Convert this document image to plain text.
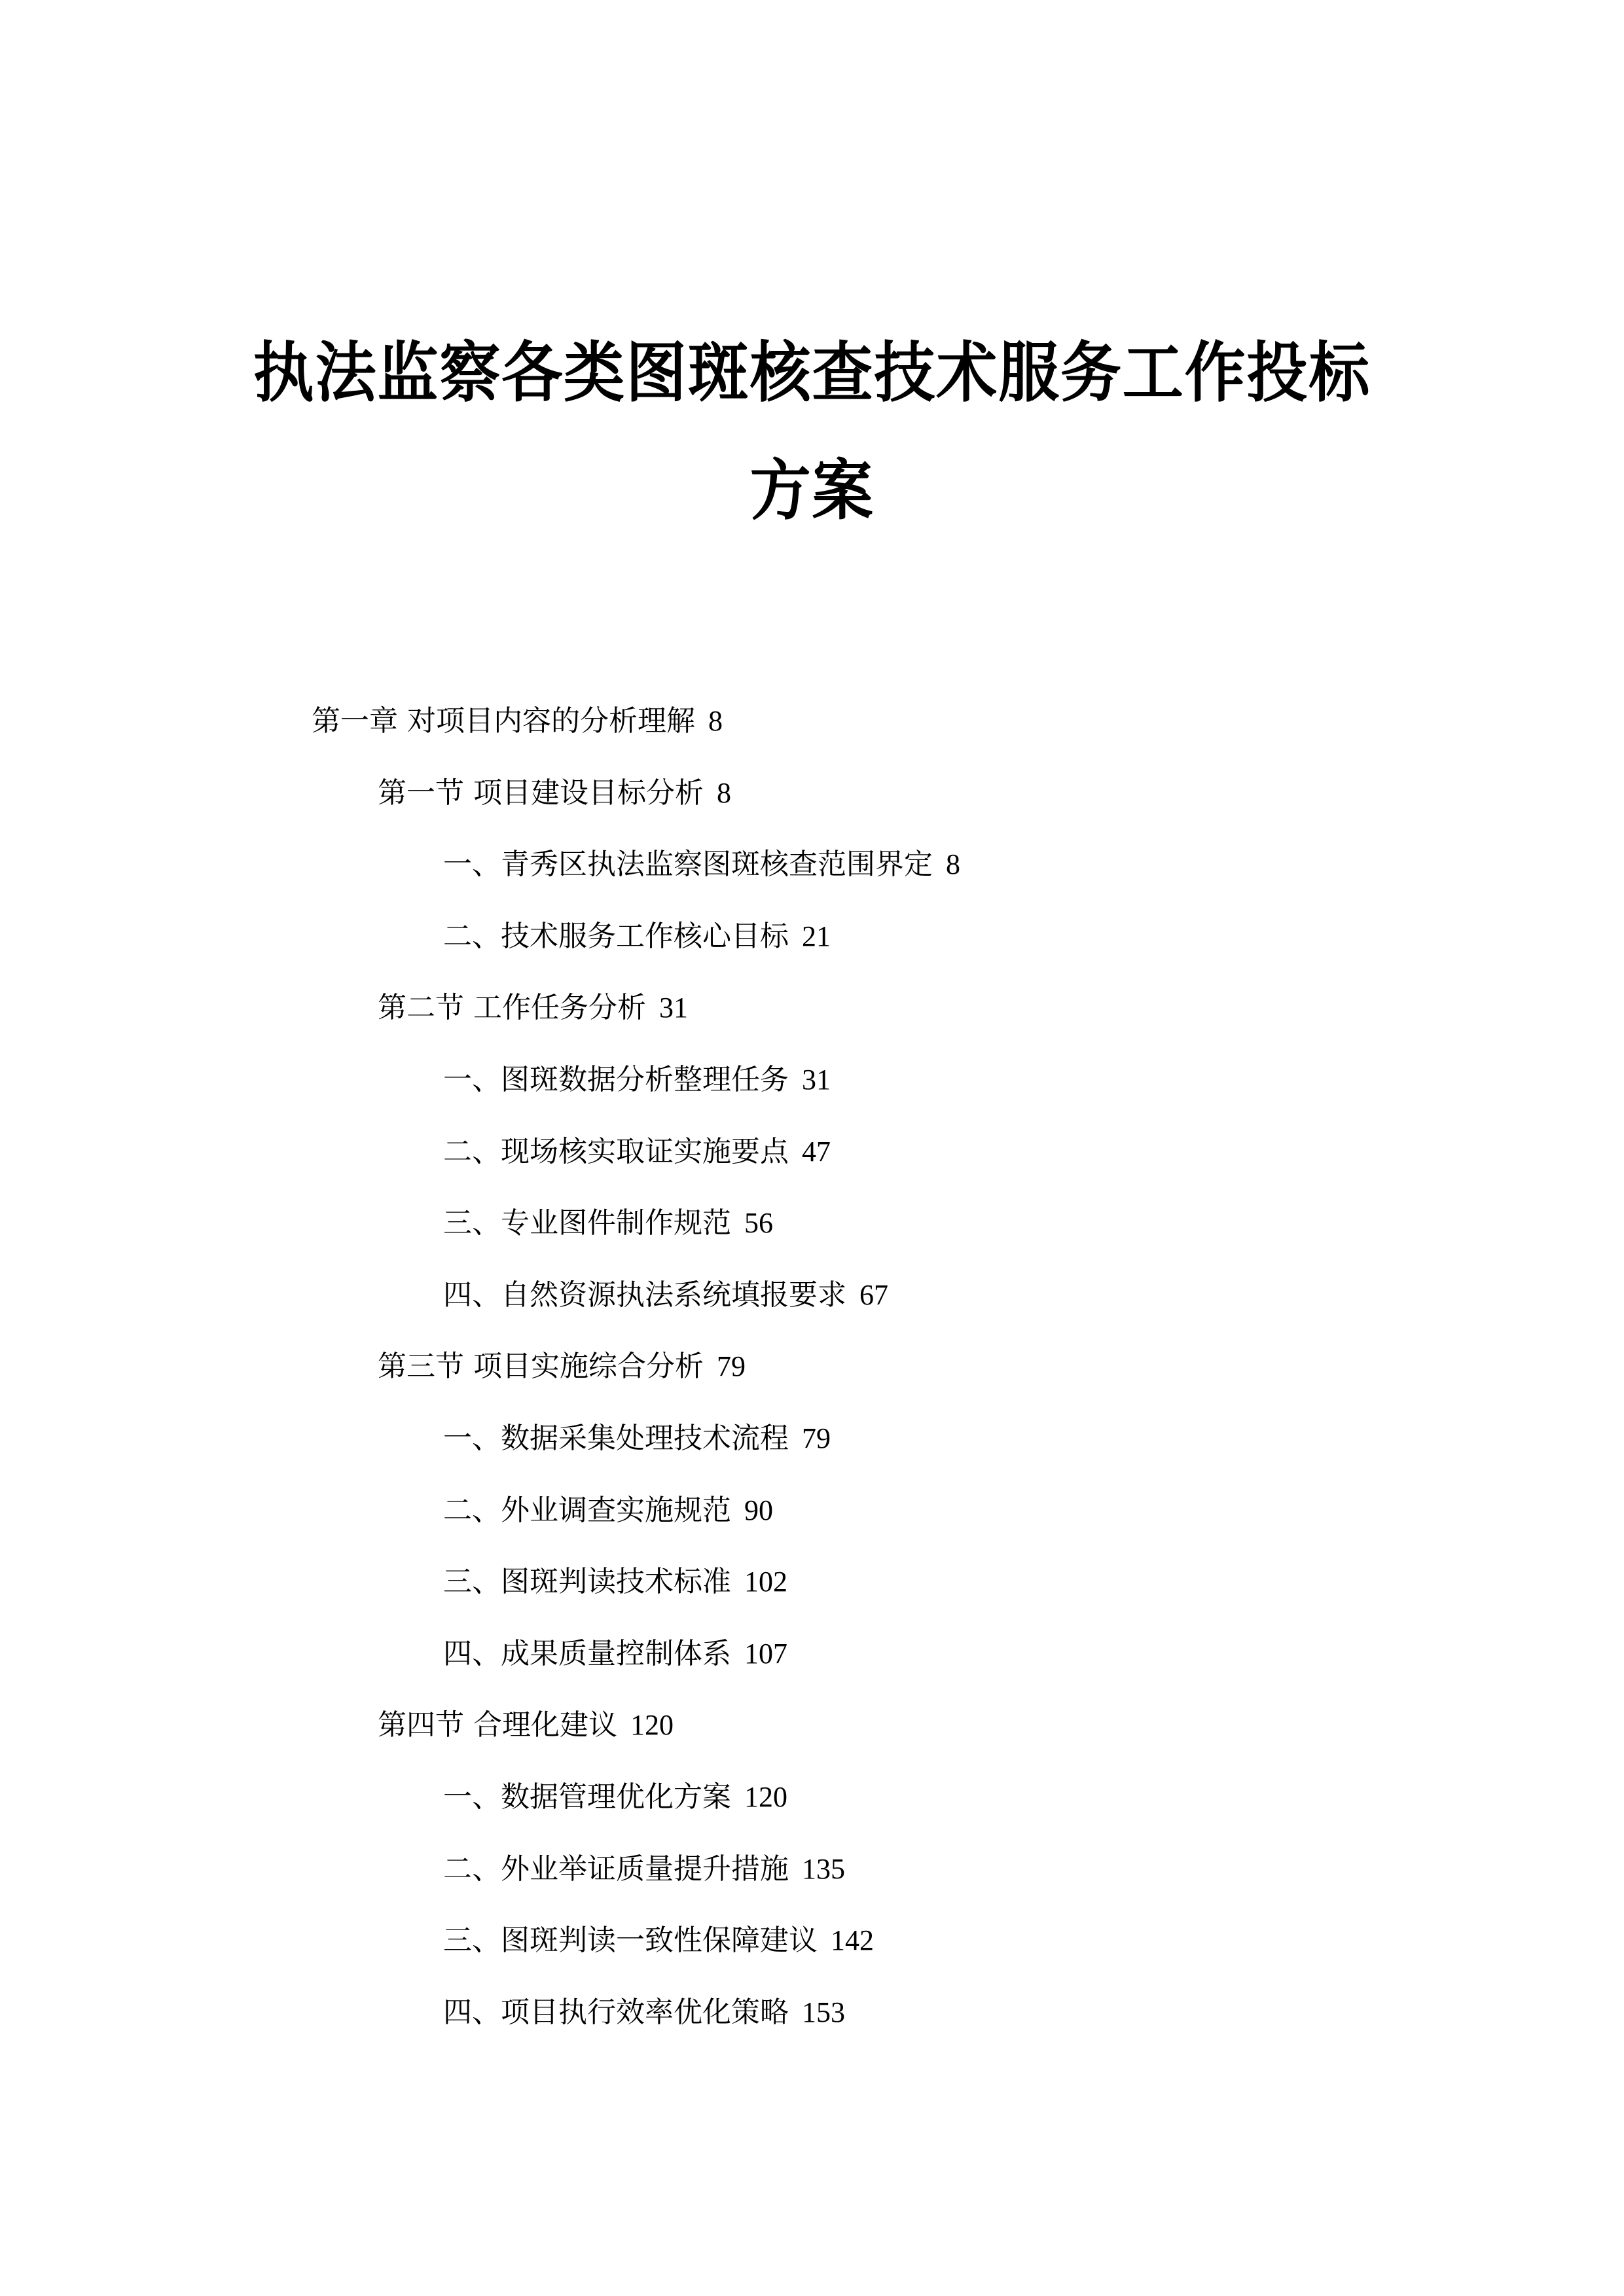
执法监察各类图斑核查技术服务工作投标
方案
第一章 对项目内容的分析理解 8
第一节 项目建设目标分析 8
一、 青秀区执法监察图斑核查范围界定 8
二、 技术服务工作核心目标 21
第二节 工作任务分析 31
一、 图斑数据分析整理任务 31
二、 现场核实取证实施要点 47
三、 专业图件制作规范 56
四、 自然资源执法系统填报要求 67
第三节 项目实施综合分析 79
一、 数据采集处理技术流程 79
二、 外业调查实施规范 90
三、 图斑判读技术标准 102
四、 成果质量控制体系 107
第四节 合理化建议 120
一、 数据管理优化方案 120
二、 外业举证质量提升措施 135
三、 图斑判读一致性保障建议 142
四、 项目执行效率优化策略 153
